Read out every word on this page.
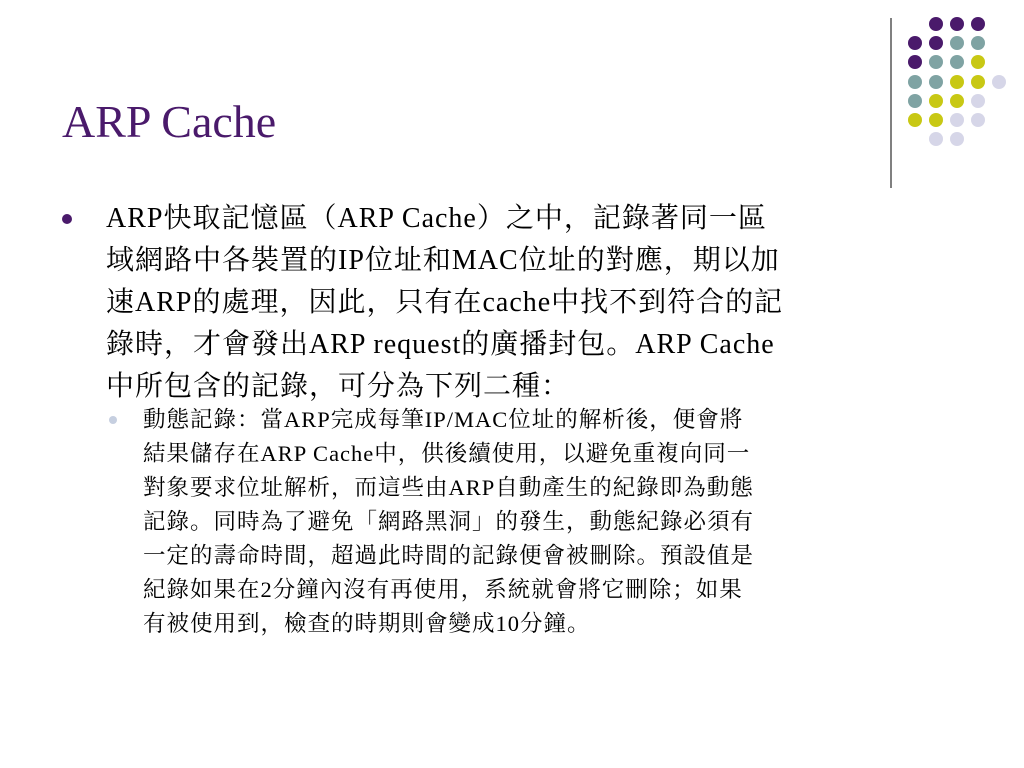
ARP Cache
ARP快取記憶區（ARP Cache）之中，記錄著同一區
域網路中各裝置的IP位址和MAC位址的對應，期以加
速ARP的處理，因此，只有在cache中找不到符合的記
錄時，才會發出ARP request的廣播封包。ARP Cache
中所包含的記錄，可分為下列二種：
動態記錄：當ARP完成每筆IP/MAC位址的解析後，便會將
結果儲存在ARP Cache中，供後續使用，以避免重複向同一
對象要求位址解析，而這些由ARP自動產生的紀錄即為動態
記錄。同時為了避免「網路黑洞」的發生，動態紀錄必須有
一定的壽命時間，超過此時間的記錄便會被刪除。預設值是
紀錄如果在2分鐘內沒有再使用，系統就會將它刪除；如果
有被使用到，檢查的時期則會變成10分鐘。
